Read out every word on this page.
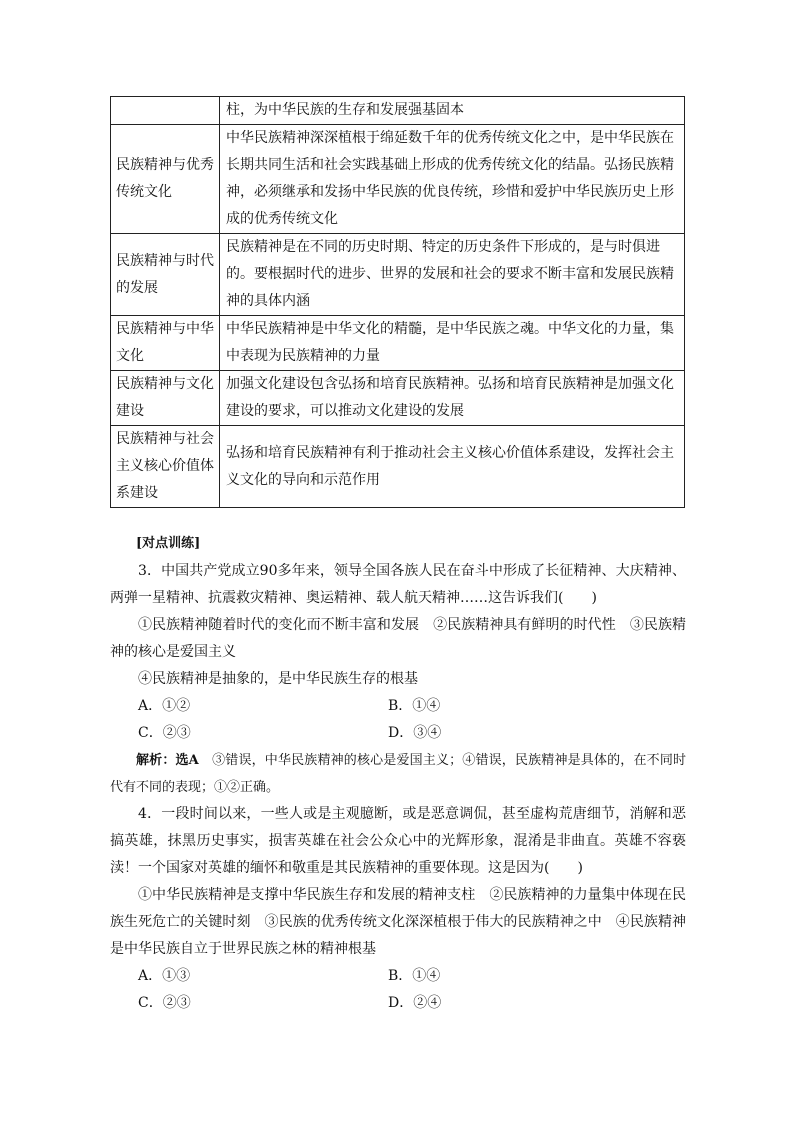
	柱，为中华民族的生存和发展强基固本
民族精神与优秀传统文化	中华民族精神深深植根于绵延数千年的优秀传统文化之中，是中华民族在长期共同生活和社会实践基础上形成的优秀传统文化的结晶。弘扬民族精神，必须继承和发扬中华民族的优良传统，珍惜和爱护中华民族历史上形成的优秀传统文化
民族精神与时代的发展	民族精神是在不同的历史时期、特定的历史条件下形成的，是与时俱进的。要根据时代的进步、世界的发展和社会的要求不断丰富和发展民族精神的具体内涵
民族精神与中华文化	中华民族精神是中华文化的精髓，是中华民族之魂。中华文化的力量，集中表现为民族精神的力量
民族精神与文化建设	加强文化建设包含弘扬和培育民族精神。弘扬和培育民族精神是加强文化建设的要求，可以推动文化建设的发展
民族精神与社会主义核心价值体系建设	弘扬和培育民族精神有利于推动社会主义核心价值体系建设，发挥社会主义文化的导向和示范作用

[对点训练]

3．中国共产党成立90多年来，领导全国各族人民在奋斗中形成了长征精神、大庆精神、两弹一星精神、抗震救灾精神、奥运精神、载人航天精神……这告诉我们(　　)

①民族精神随着时代的变化而不断丰富和发展　②民族精神具有鲜明的时代性　③民族精神的核心是爱国主义

④民族精神是抽象的，是中华民族生存的根基

A．①②	B．①④
C．②③	D．③④

解析：选A　③错误，中华民族精神的核心是爱国主义；④错误，民族精神是具体的，在不同时代有不同的表现；①②正确。

4．一段时间以来，一些人或是主观臆断，或是恶意调侃，甚至虚构荒唐细节，消解和恶搞英雄，抹黑历史事实，损害英雄在社会公众心中的光辉形象，混淆是非曲直。英雄不容亵渎！一个国家对英雄的缅怀和敬重是其民族精神的重要体现。这是因为(　　)

①中华民族精神是支撑中华民族生存和发展的精神支柱　②民族精神的力量集中体现在民族生死危亡的关键时刻　③民族的优秀传统文化深深植根于伟大的民族精神之中　④民族精神是中华民族自立于世界民族之林的精神根基

A．①③	B．①④
C．②③	D．②④
